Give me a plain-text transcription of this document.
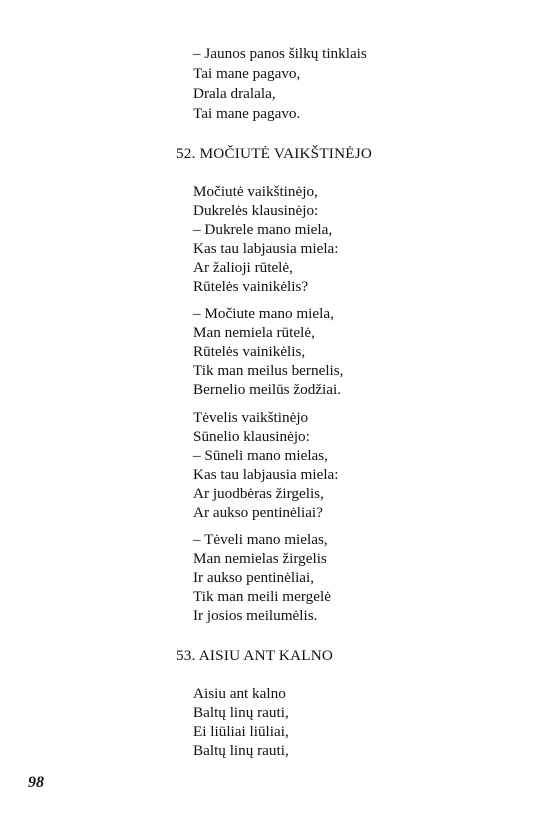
– Jaunos panos šilkų tinklais
Tai mane pagavo,
Drala dralala,
Tai mane pagavo.
52. MOČIUTĖ VAIKŠTINĖJO
Močiutė vaikštinėjo,
Dukrelės klausinėjo:
– Dukrele mano miela,
Kas tau labjausia miela:
Ar žalioji rūtelė,
Rūtelės vainikėlis?
– Močiute mano miela,
Man nemiela rūtelė,
Rūtelės vainikėlis,
Tik man meilus bernelis,
Bernelio meilūs žodžiai.
Tėvelis vaikštinėjo
Sūnelio klausinėjo:
– Sūneli mano mielas,
Kas tau labjausia miela:
Ar juodbėras žirgelis,
Ar aukso pentinėliai?
– Tėveli mano mielas,
Man nemielas žirgelis
Ir aukso pentinėliai,
Tik man meili mergelė
Ir josios meilumėlis.
53. AISIU ANT KALNO
Aisiu ant kalno
Baltų linų rauti,
Ei liūliai liūliai,
Baltų linų rauti,
98
